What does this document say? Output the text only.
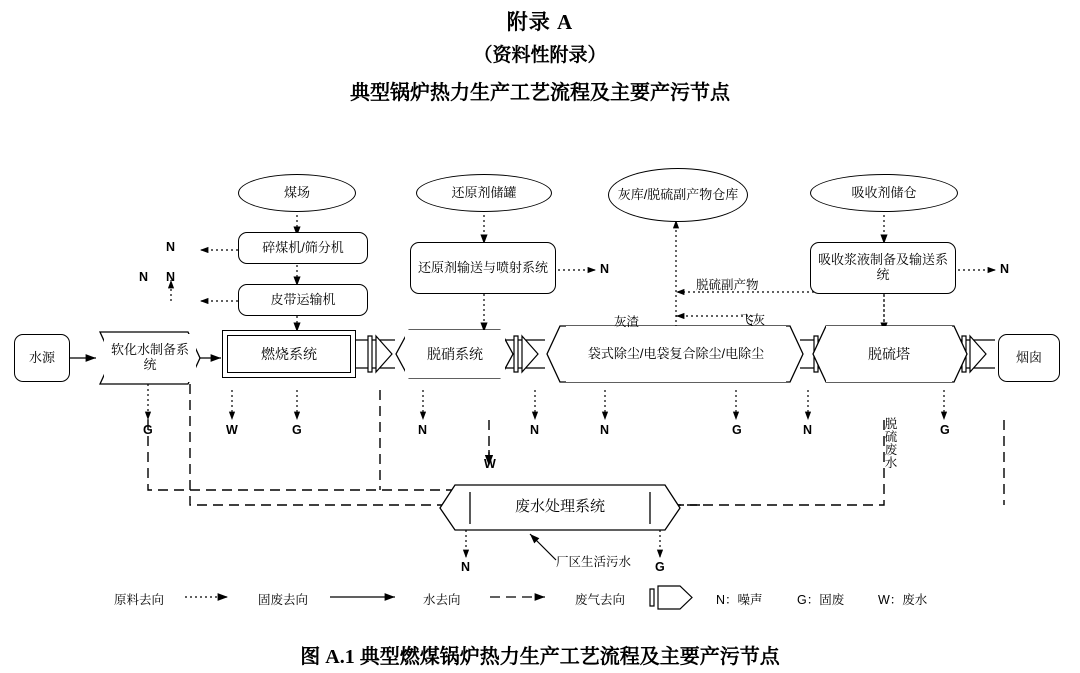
附录 A
（资料性附录）
典型锅炉热力生产工艺流程及主要产污节点
煤场	还原剂储罐	灰库/脱硫副产物仓库	吸收剂储仓
碎煤机/筛分机
皮带运输机
还原剂输送与喷射系统	吸收浆液制备及输送系统
水源	软化水制备系统
燃烧系统	脱硝系统	袋式除尘/电袋复合除尘/电除尘	脱硫塔	烟囱
废水处理系统
灰渣	飞灰
脱硫副产物
厂区生活污水
脱
硫
废
水
N
N N
N	N
G	W	G	N	N	N	G	N	G
W
N	G
原料去向	固废去向	水去向	废气去向	N：噪声	G：固废	W：废水
图 A.1 典型燃煤锅炉热力生产工艺流程及主要产污节点
